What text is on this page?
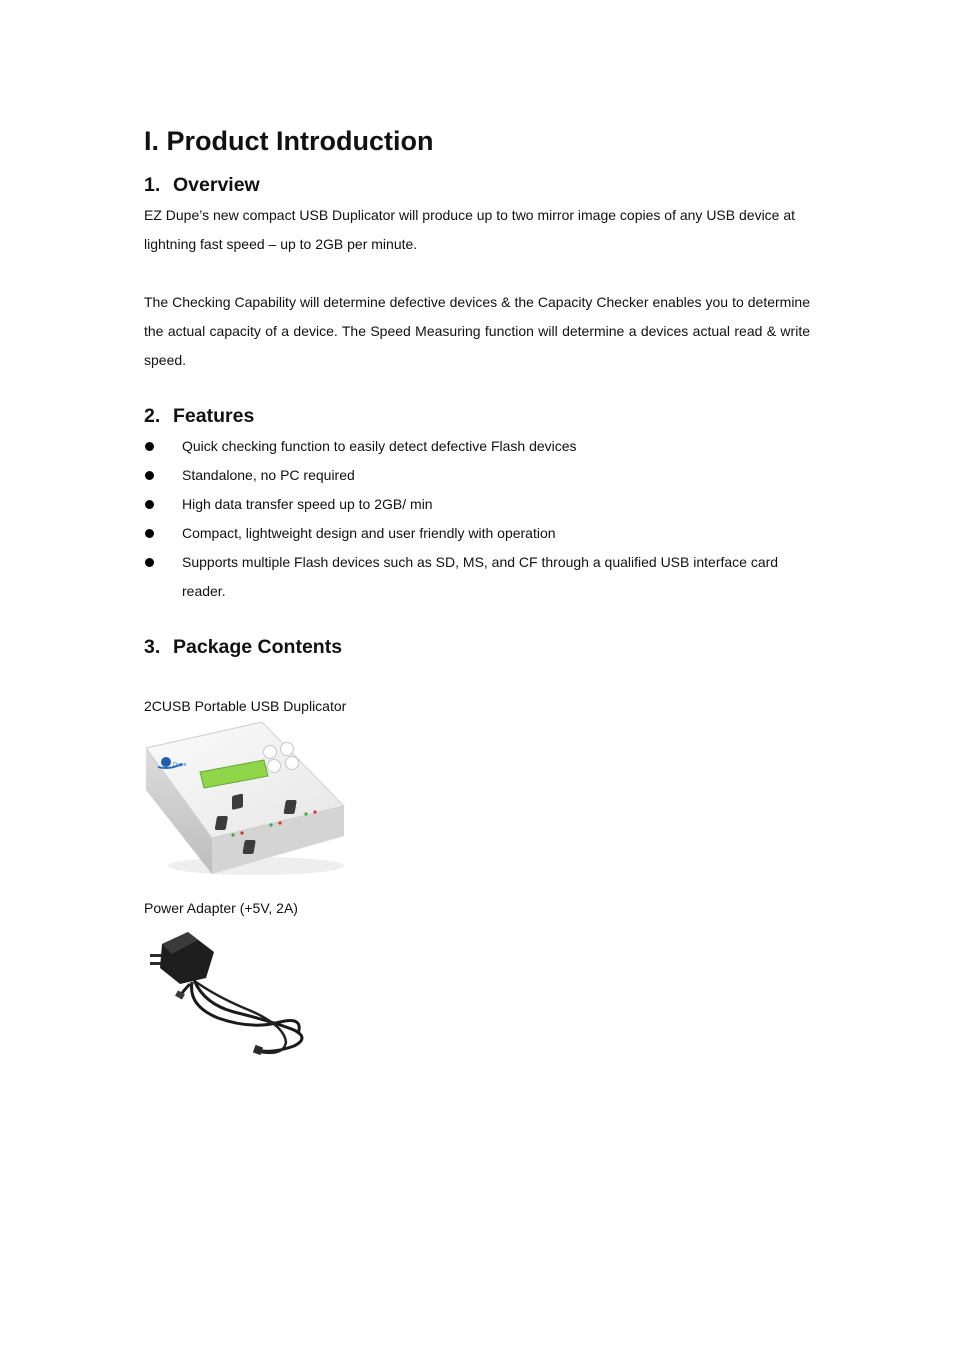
I. Product Introduction
1. Overview

EZ Dupe’s new compact USB Duplicator will produce up to two mirror image copies of any USB device at lightning fast speed – up to 2GB per minute.

The Checking Capability will determine defective devices & the Capacity Checker enables you to determine the actual capacity of a device. The Speed Measuring function will determine a devices actual read & write speed.

2. Features
Quick checking function to easily detect defective Flash devices
Standalone, no PC required
High data transfer speed up to 2GB/ min
Compact, lightweight design and user friendly with operation
Supports multiple Flash devices such as SD, MS, and CF through a qualified USB interface card reader.
3. Package Contents

2CUSB Portable USB Duplicator

Dupe

Power Adapter (+5V, 2A)
